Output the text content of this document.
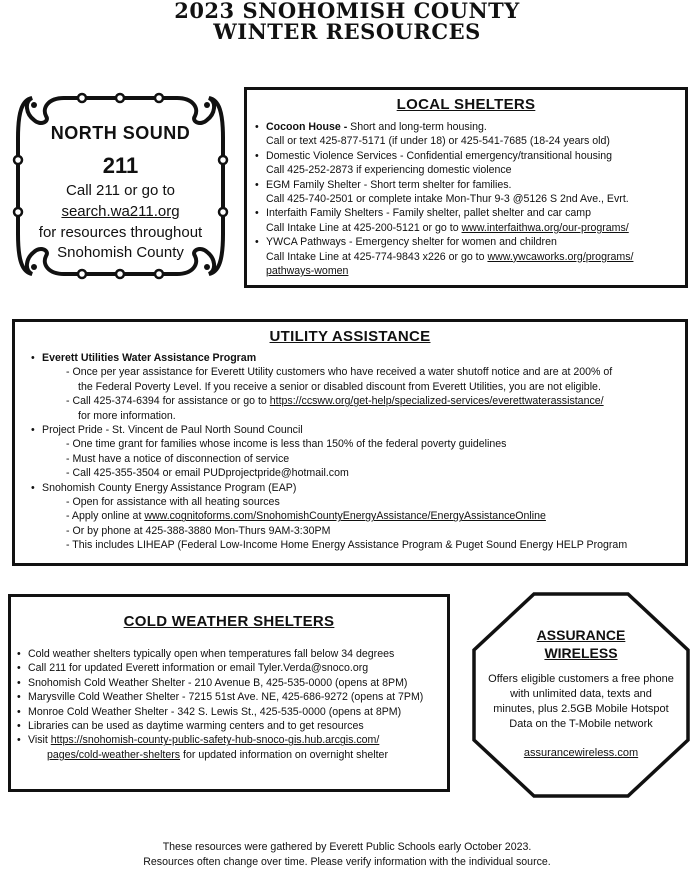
2023 SNOHOMISH COUNTY
WINTER RESOURCES
NORTH SOUND
211
Call 211 or go to
search.wa211.org
for resources throughout
Snohomish County
LOCAL SHELTERS
• Cocoon House - Short and long-term housing.
Call or text 425-877-5171 (if under 18) or 425-541-7685 (18-24 years old)
• Domestic Violence Services - Confidential emergency/transitional housing
Call 425-252-2873 if experiencing domestic violence
• EGM Family Shelter - Short term shelter for families.
Call 425-740-2501 or complete intake Mon-Thur 9-3 @5126 S 2nd Ave., Evrt.
• Interfaith Family Shelters - Family shelter, pallet shelter and car camp
Call Intake Line at 425-200-5121 or go to www.interfaithwa.org/our-programs/
• YWCA Pathways - Emergency shelter for women and children
Call Intake Line at 425-774-9843 x226 or go to www.ywcaworks.org/programs/
pathways-women
UTILITY ASSISTANCE
• Everett Utilities Water Assistance Program
- Once per year assistance for Everett Utility customers who have received a water shutoff notice and are at 200% of
the Federal Poverty Level. If you receive a senior or disabled discount from Everett Utilities, you are not eligible.
- Call 425-374-6394 for assistance or go to https://ccsww.org/get-help/specialized-services/everettwaterassistance/
for more information.
• Project Pride - St. Vincent de Paul North Sound Council
- One time grant for families whose income is less than 150% of the federal poverty guidelines
- Must have a notice of disconnection of service
- Call 425-355-3504 or email PUDprojectpride@hotmail.com
• Snohomish County Energy Assistance Program (EAP)
- Open for assistance with all heating sources
- Apply online at www.cognitoforms.com/SnohomishCountyEnergyAssistance/EnergyAssistanceOnline
- Or by phone at 425-388-3880 Mon-Thurs 9AM-3:30PM
- This includes LIHEAP (Federal Low-Income Home Energy Assistance Program & Puget Sound Energy HELP Program
COLD WEATHER SHELTERS
• Cold weather shelters typically open when temperatures fall below 34 degrees
• Call 211 for updated Everett information or email Tyler.Verda@snoco.org
• Snohomish Cold Weather Shelter - 210 Avenue B, 425-535-0000 (opens at 8PM)
• Marysville Cold Weather Shelter - 7215 51st Ave. NE, 425-686-9272 (opens at 7PM)
• Monroe Cold Weather Shelter - 342 S. Lewis St., 425-535-0000 (opens at 8PM)
• Libraries can be used as daytime warming centers and to get resources
• Visit https://snohomish-county-public-safety-hub-snoco-gis.hub.arcgis.com/
pages/cold-weather-shelters for updated information on overnight shelter
ASSURANCE
WIRELESS
Offers eligible customers a free phone
with unlimited data, texts and
minutes, plus 2.5GB Mobile Hotspot
Data on the T-Mobile network
assurancewireless.com
These resources were gathered by Everett Public Schools early October 2023.
Resources often change over time. Please verify information with the individual source.
